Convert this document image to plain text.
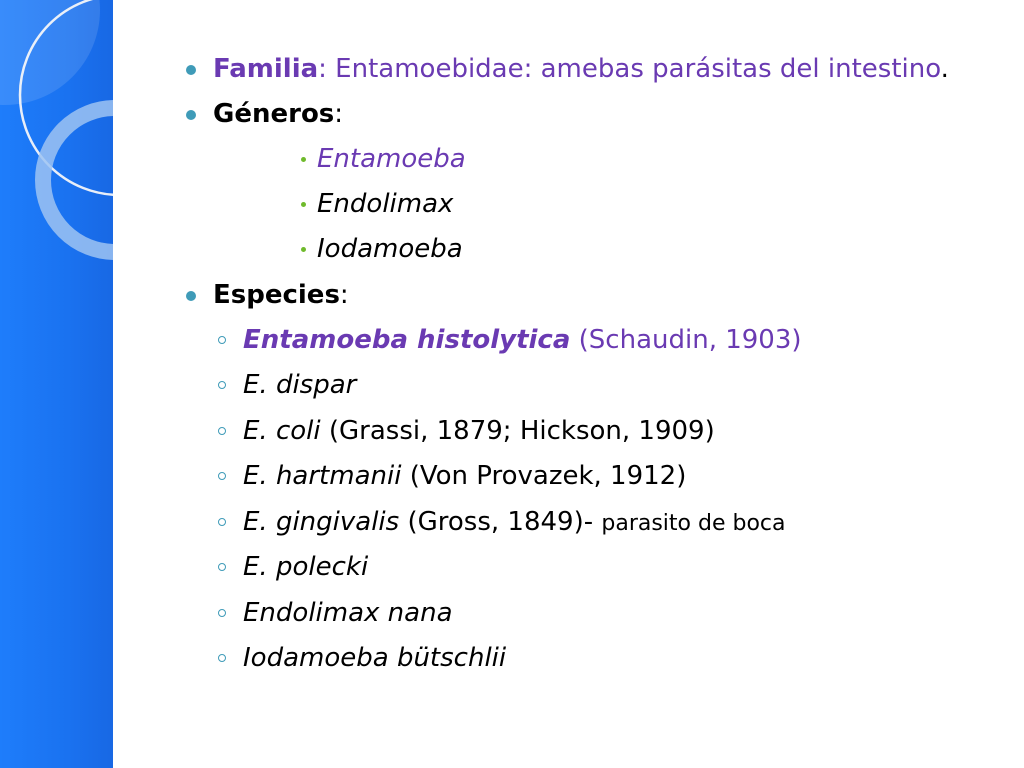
Familia: Entamoebidae: amebas parásitas del intestino.
Géneros:
Entamoeba
Endolimax
Iodamoeba
Especies:
Entamoeba histolytica (Schaudin, 1903)
E. dispar
E. coli (Grassi, 1879; Hickson, 1909)
E. hartmanii (Von Provazek, 1912)
E. gingivalis (Gross, 1849)- parasito de boca
E. polecki
Endolimax nana
Iodamoeba bütschlii
